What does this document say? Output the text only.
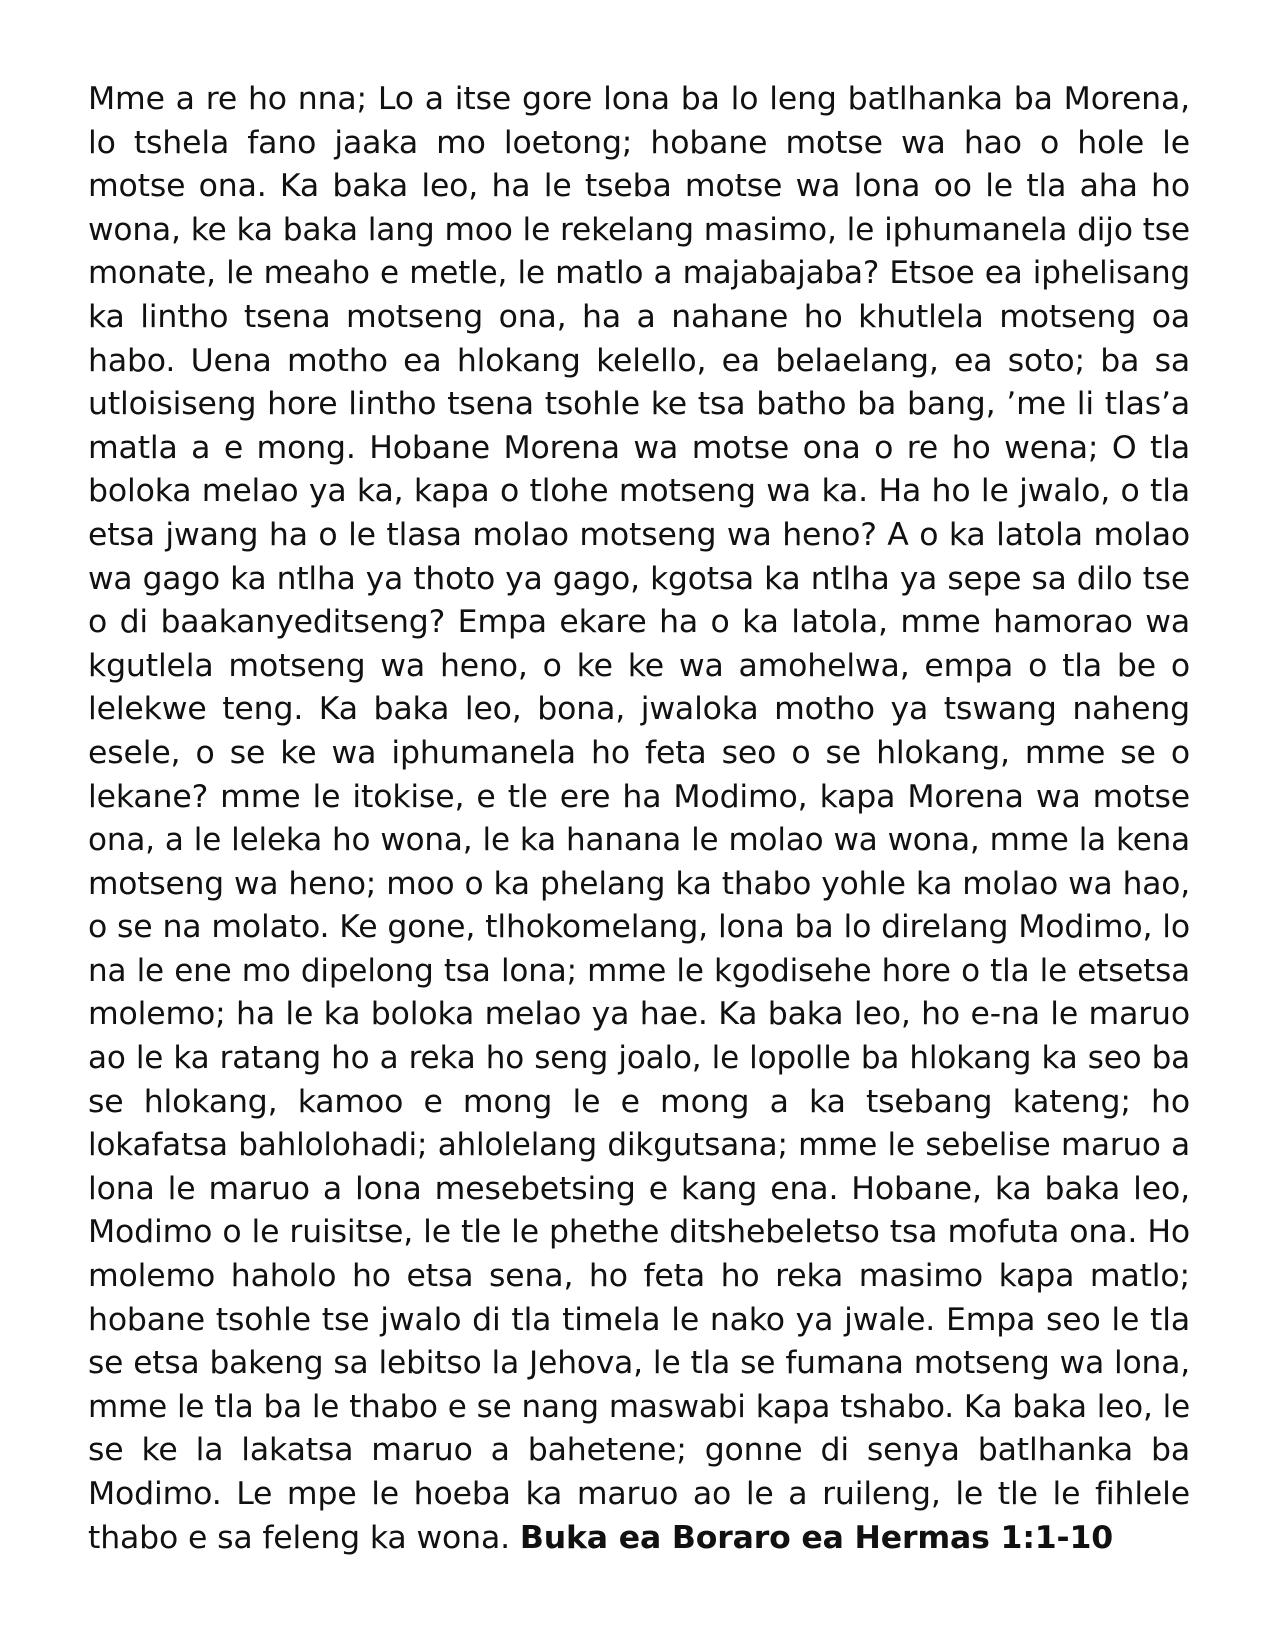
Mme a re ho nna; Lo a itse gore lona ba lo leng batlhanka ba Morena,
lo tshela fano jaaka mo loetong; hobane motse wa hao o hole le
motse ona. Ka baka leo, ha le tseba motse wa lona oo le tla aha ho
wona, ke ka baka lang moo le rekelang masimo, le iphumanela dijo tse
monate, le meaho e metle, le matlo a majabajaba? Etsoe ea iphelisang
ka lintho tsena motseng ona, ha a nahane ho khutlela motseng oa
habo. Uena motho ea hlokang kelello, ea belaelang, ea soto; ba sa
utloisiseng hore lintho tsena tsohle ke tsa batho ba bang, ’me li tlas’a
matla a e mong. Hobane Morena wa motse ona o re ho wena; O tla
boloka melao ya ka, kapa o tlohe motseng wa ka. Ha ho le jwalo, o tla
etsa jwang ha o le tlasa molao motseng wa heno? A o ka latola molao
wa gago ka ntlha ya thoto ya gago, kgotsa ka ntlha ya sepe sa dilo tse
o di baakanyeditseng? Empa ekare ha o ka latola, mme hamorao wa
kgutlela motseng wa heno, o ke ke wa amohelwa, empa o tla be o
lelekwe teng. Ka baka leo, bona, jwaloka motho ya tswang naheng
esele, o se ke wa iphumanela ho feta seo o se hlokang, mme se o
lekane? mme le itokise, e tle ere ha Modimo, kapa Morena wa motse
ona, a le leleka ho wona, le ka hanana le molao wa wona, mme la kena
motseng wa heno; moo o ka phelang ka thabo yohle ka molao wa hao,
o se na molato. Ke gone, tlhokomelang, lona ba lo direlang Modimo, lo
na le ene mo dipelong tsa lona; mme le kgodisehe hore o tla le etsetsa
molemo; ha le ka boloka melao ya hae. Ka baka leo, ho e-na le maruo
ao le ka ratang ho a reka ho seng joalo, le lopolle ba hlokang ka seo ba
se hlokang, kamoo e mong le e mong a ka tsebang kateng; ho
lokafatsa bahlolohadi; ahlolelang dikgutsana; mme le sebelise maruo a
lona le maruo a lona mesebetsing e kang ena. Hobane, ka baka leo,
Modimo o le ruisitse, le tle le phethe ditshebeletso tsa mofuta ona. Ho
molemo haholo ho etsa sena, ho feta ho reka masimo kapa matlo;
hobane tsohle tse jwalo di tla timela le nako ya jwale. Empa seo le tla
se etsa bakeng sa lebitso la Jehova, le tla se fumana motseng wa lona,
mme le tla ba le thabo e se nang maswabi kapa tshabo. Ka baka leo, le
se ke la lakatsa maruo a bahetene; gonne di senya batlhanka ba
Modimo. Le mpe le hoeba ka maruo ao le a ruileng, le tle le fihlele
thabo e sa feleng ka wona. Buka ea Boraro ea Hermas 1:1-10
